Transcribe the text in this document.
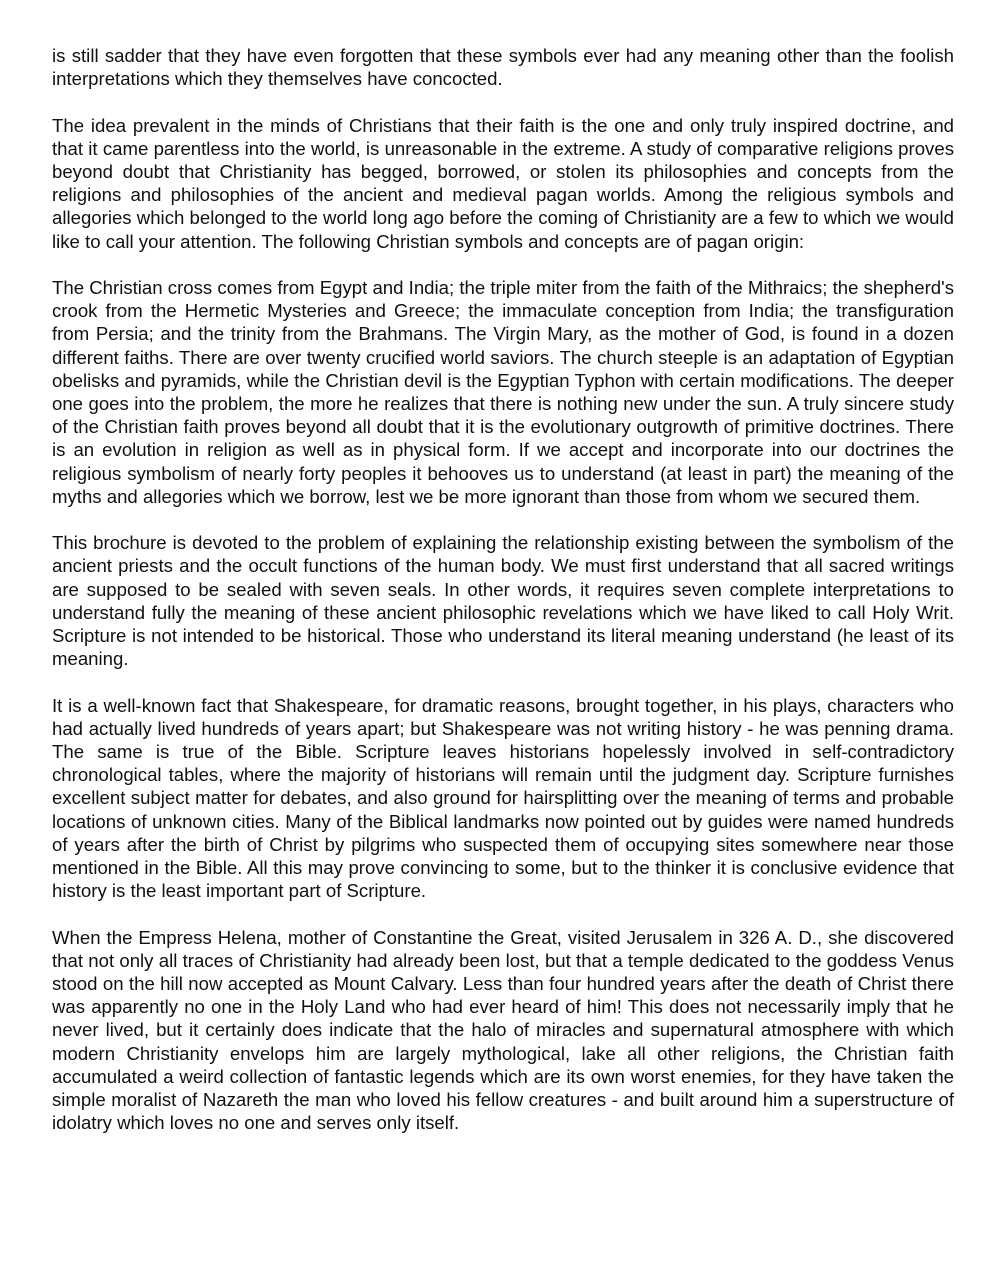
is still sadder that they have even forgotten that these symbols ever had any meaning other than the foolish interpretations which they themselves have concocted.

The idea prevalent in the minds of Christians that their faith is the one and only truly inspired doctrine, and that it came parentless into the world, is unreasonable in the extreme. A study of comparative religions proves beyond doubt that Christianity has begged, borrowed, or stolen its philosophies and concepts from the religions and philosophies of the ancient and medieval pagan worlds. Among the religious symbols and allegories which belonged to the world long ago before the coming of Christianity are a few to which we would like to call your attention. The following Christian symbols and concepts are of pagan origin:

The Christian cross comes from Egypt and India; the triple miter from the faith of the Mithraics; the shepherd's crook from the Hermetic Mysteries and Greece; the immaculate conception from India; the transfiguration from Persia; and the trinity from the Brahmans. The Virgin Mary, as the mother of God, is found in a dozen different faiths. There are over twenty crucified world saviors. The church steeple is an adaptation of Egyptian obelisks and pyramids, while the Christian devil is the Egyptian Typhon with certain modifications. The deeper one goes into the problem, the more he realizes that there is nothing new under the sun. A truly sincere study of the Christian faith proves beyond all doubt that it is the evolutionary outgrowth of primitive doctrines. There is an evolution in religion as well as in physical form. If we accept and incorporate into our doctrines the religious symbolism of nearly forty peoples it behooves us to understand (at least in part) the meaning of the myths and allegories which we borrow, lest we be more ignorant than those from whom we secured them.

This brochure is devoted to the problem of explaining the relationship existing between the symbolism of the ancient priests and the occult functions of the human body. We must first understand that all sacred writings are supposed to be sealed with seven seals. In other words, it requires seven complete interpretations to understand fully the meaning of these ancient philosophic revelations which we have liked to call Holy Writ. Scripture is not intended to be historical. Those who understand its literal meaning understand (he least of its meaning.

It is a well-known fact that Shakespeare, for dramatic reasons, brought together, in his plays, characters who had actually lived hundreds of years apart; but Shakespeare was not writing history - he was penning drama. The same is true of the Bible. Scripture leaves historians hopelessly involved in self-contradictory chronological tables, where the majority of historians will remain until the judgment day. Scripture furnishes excellent subject matter for debates, and also ground for hairsplitting over the meaning of terms and probable locations of unknown cities. Many of the Biblical landmarks now pointed out by guides were named hundreds of years after the birth of Christ by pilgrims who suspected them of occupying sites somewhere near those mentioned in the Bible. All this may prove convincing to some, but to the thinker it is conclusive evidence that history is the least important part of Scripture.

When the Empress Helena, mother of Constantine the Great, visited Jerusalem in 326 A. D., she discovered that not only all traces of Christianity had already been lost, but that a temple dedicated to the goddess Venus stood on the hill now accepted as Mount Calvary. Less than four hundred years after the death of Christ there was apparently no one in the Holy Land who had ever heard of him! This does not necessarily imply that he never lived, but it certainly does indicate that the halo of miracles and supernatural atmosphere with which modern Christianity envelops him are largely mythological, lake all other religions, the Christian faith accumulated a weird collection of fantastic legends which are its own worst enemies, for they have taken the simple moralist of Nazareth the man who loved his fellow creatures - and built around him a superstructure of idolatry which loves no one and serves only itself.
